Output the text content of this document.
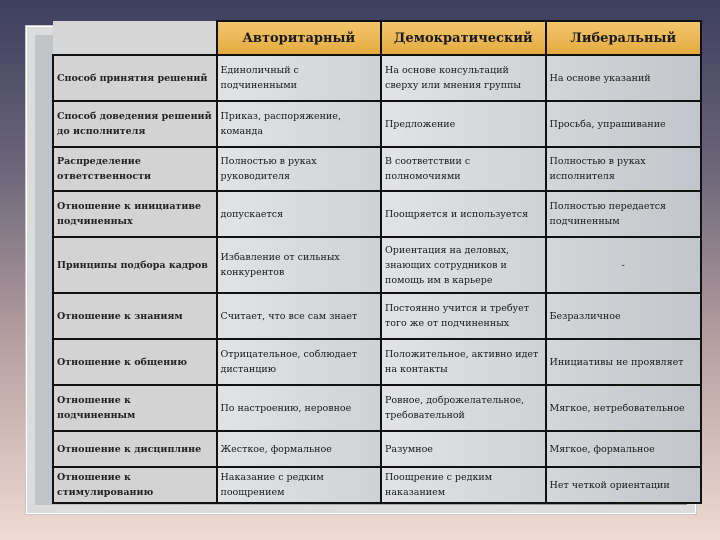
	Авторитарный	Демократический	Либеральный
Способ принятия решений	Единоличный с подчиненными	На основе консультаций сверху или мнения группы	На основе указаний
Способ доведения решений до исполнителя	Приказ, распоряжение, команда	Предложение	Просьба, упрашивание
Распределение ответственности	Полностью в руках руководителя	В соответствии с полномочиями	Полностью в руках исполнителя
Отношение к инициативе подчиненных	допускается	Поощряется и используется	Полностью передается подчиненным
Принципы подбора кадров	Избавление от сильных конкурентов	Ориентация на деловых, знающих сотрудников и помощь им в карьере	-
Отношение к знаниям	Считает, что все сам знает	Постоянно учится и требует того же от подчиненных	Безразличное
Отношение к общению	Отрицательное, соблюдает дистанцию	Положительное, активно идет на контакты	Инициативы не проявляет
Отношение к подчиненным	По настроению, неровное	Ровное, доброжелательное, требовательной	Мягкое, нетребовательное
Отношение к дисциплине	Жесткое, формальное	Разумное	Мягкое, формальное
Отношение к стимулированию	Наказание с редким поощрением	Поощрение с редким наказанием	Нет четкой ориентации
